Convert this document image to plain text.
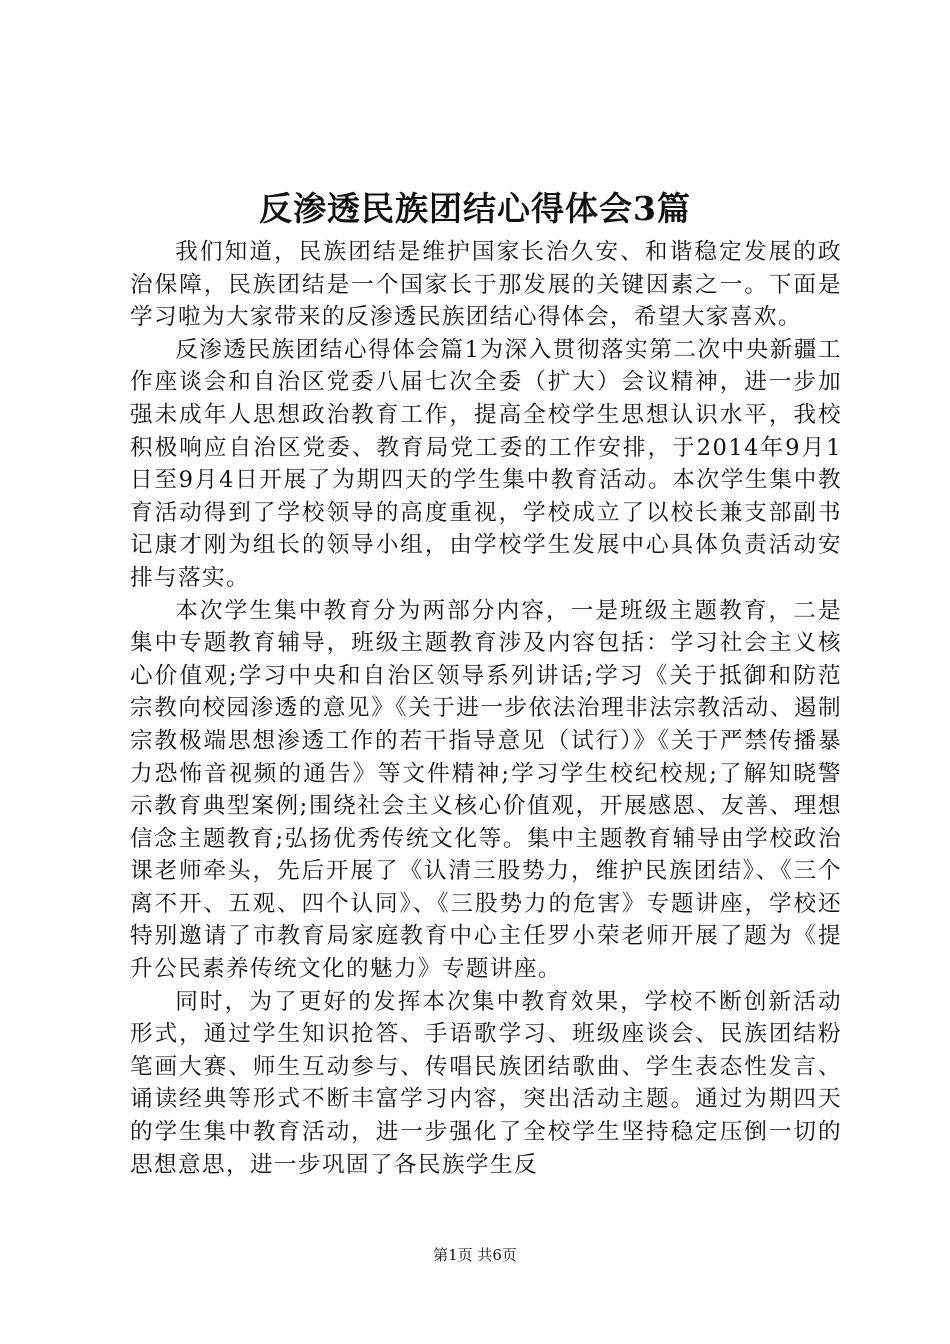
反渗透民族团结心得体会3篇

我们知道，民族团结是维护国家长治久安、和谐稳定发展的政治保障，民族团结是一个国家长于那发展的关键因素之一。下面是学习啦为大家带来的反渗透民族团结心得体会，希望大家喜欢。

反渗透民族团结心得体会篇1为深入贯彻落实第二次中央新疆工作座谈会和自治区党委八届七次全委（扩大）会议精神，进一步加强未成年人思想政治教育工作，提高全校学生思想认识水平，我校积极响应自治区党委、教育局党工委的工作安排，于2014年9月1日至9月4日开展了为期四天的学生集中教育活动。本次学生集中教育活动得到了学校领导的高度重视，学校成立了以校长兼支部副书记康才刚为组长的领导小组，由学校学生发展中心具体负责活动安排与落实。

本次学生集中教育分为两部分内容，一是班级主题教育，二是集中专题教育辅导，班级主题教育涉及内容包括：学习社会主义核心价值观;学习中央和自治区领导系列讲话;学习《关于抵御和防范宗教向校园渗透的意见》《关于进一步依法治理非法宗教活动、遏制宗教极端思想渗透工作的若干指导意见（试行）》《关于严禁传播暴力恐怖音视频的通告》等文件精神;学习学生校纪校规;了解知晓警示教育典型案例;围绕社会主义核心价值观，开展感恩、友善、理想信念主题教育;弘扬优秀传统文化等。集中主题教育辅导由学校政治课老师牵头，先后开展了《认清三股势力，维护民族团结》、《三个离不开、五观、四个认同》、《三股势力的危害》专题讲座，学校还特别邀请了市教育局家庭教育中心主任罗小荣老师开展了题为《提升公民素养传统文化的魅力》专题讲座。

同时，为了更好的发挥本次集中教育效果，学校不断创新活动形式，通过学生知识抢答、手语歌学习、班级座谈会、民族团结粉笔画大赛、师生互动参与、传唱民族团结歌曲、学生表态性发言、诵读经典等形式不断丰富学习内容，突出活动主题。通过为期四天的学生集中教育活动，进一步强化了全校学生坚持稳定压倒一切的思想意思，进一步巩固了各民族学生反

第1页 共6页
